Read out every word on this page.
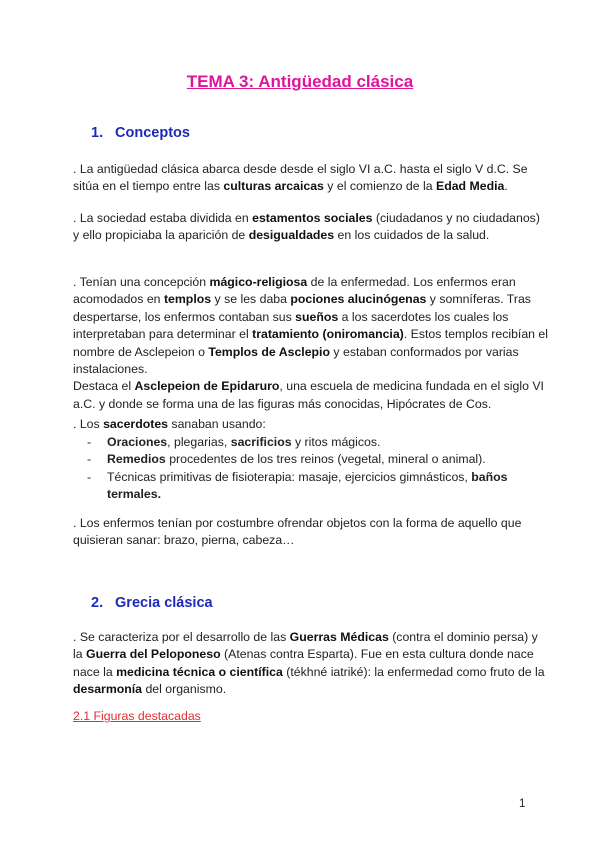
TEMA 3: Antigüedad clásica
1. Conceptos

. La antigüedad clásica abarca desde desde el siglo VI a.C. hasta el siglo V d.C. Se sitúa en el tiempo entre las culturas arcaicas y el comienzo de la Edad Media.

. La sociedad estaba dividida en estamentos sociales (ciudadanos y no ciudadanos) y ello propiciaba la aparición de desigualdades en los cuidados de la salud.

. Tenían una concepción mágico-religiosa de la enfermedad. Los enfermos eran acomodados en templos y se les daba pociones alucinógenas y somníferas. Tras despertarse, los enfermos contaban sus sueños a los sacerdotes los cuales los interpretaban para determinar el tratamiento (oniromancia). Estos templos recibían el nombre de Asclepeion o Templos de Asclepio y estaban conformados por varias instalaciones.
Destaca el Asclepeion de Epidaruro, una escuela de medicina fundada en el siglo VI a.C. y donde se forma una de las figuras más conocidas, Hipócrates de Cos.

. Los sacerdotes sanaban usando:

- Oraciones, plegarias, sacrificios y ritos mágicos.
- Remedios procedentes de los tres reinos (vegetal, mineral o animal).
- Técnicas primitivas de fisioterapia: masaje, ejercicios gimnásticos, baños termales.

. Los enfermos tenían por costumbre ofrendar objetos con la forma de aquello que quisieran sanar: brazo, pierna, cabeza…

2. Grecia clásica

. Se caracteriza por el desarrollo de las Guerras Médicas (contra el dominio persa) y la Guerra del Peloponeso (Atenas contra Esparta). Fue en esta cultura donde nace nace la medicina técnica o científica (tékhné iatriké): la enfermedad como fruto de la desarmonía del organismo.

2.1 Figuras destacadas
1
